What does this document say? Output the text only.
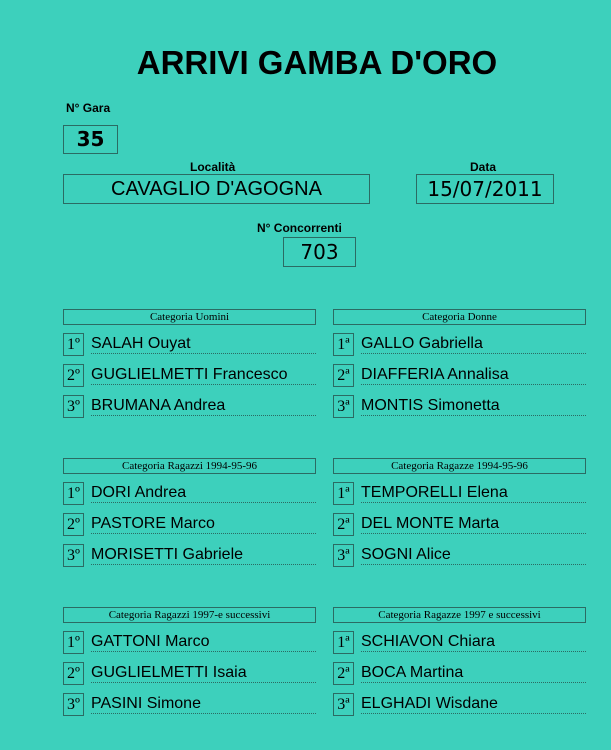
ARRIVI GAMBA D'ORO
N° Gara
35
Località
CAVAGLIO D'AGOGNA
Data
15/07/2011
N° Concorrenti
703
Categoria Uomini	Categoria Donne
1º SALAH Ouyat
2º GUGLIELMETTI Francesco
3º BRUMANA Andrea
1ª GALLO Gabriella
2ª DIAFFERIA Annalisa
3ª MONTIS Simonetta
Categoria Ragazzi 1994-95-96	Categoria Ragazze 1994-95-96
1º DORI Andrea
2º PASTORE Marco
3º MORISETTI Gabriele
1ª TEMPORELLI Elena
2ª DEL MONTE Marta
3ª SOGNI Alice
Categoria Ragazzi 1997-e successivi	Categoria Ragazze 1997 e successivi
1º GATTONI Marco
2º GUGLIELMETTI Isaia
3º PASINI Simone
1ª SCHIAVON Chiara
2ª BOCA Martina
3ª ELGHADI Wisdane
